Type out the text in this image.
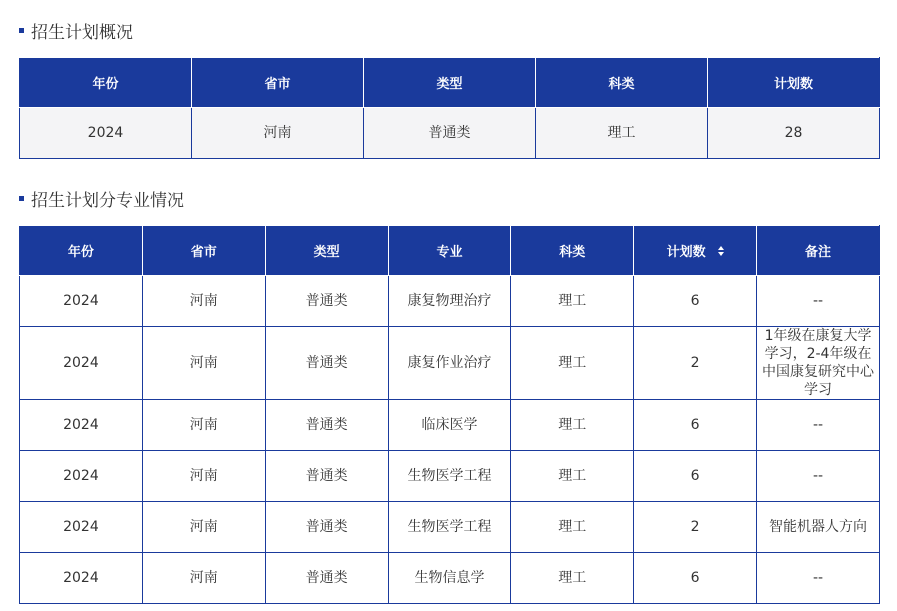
招生计划概况
年份	省市	类型	科类	计划数
2024	河南	普通类	理工	28
招生计划分专业情况
年份	省市	类型	专业	科类	计划数	备注
2024	河南	普通类	康复物理治疗	理工	6	--
2024	河南	普通类	康复作业治疗	理工	2	1年级在康复大学学习，2-4年级在中国康复研究中心学习
2024	河南	普通类	临床医学	理工	6	--
2024	河南	普通类	生物医学工程	理工	6	--
2024	河南	普通类	生物医学工程	理工	2	智能机器人方向
2024	河南	普通类	生物信息学	理工	6	--
